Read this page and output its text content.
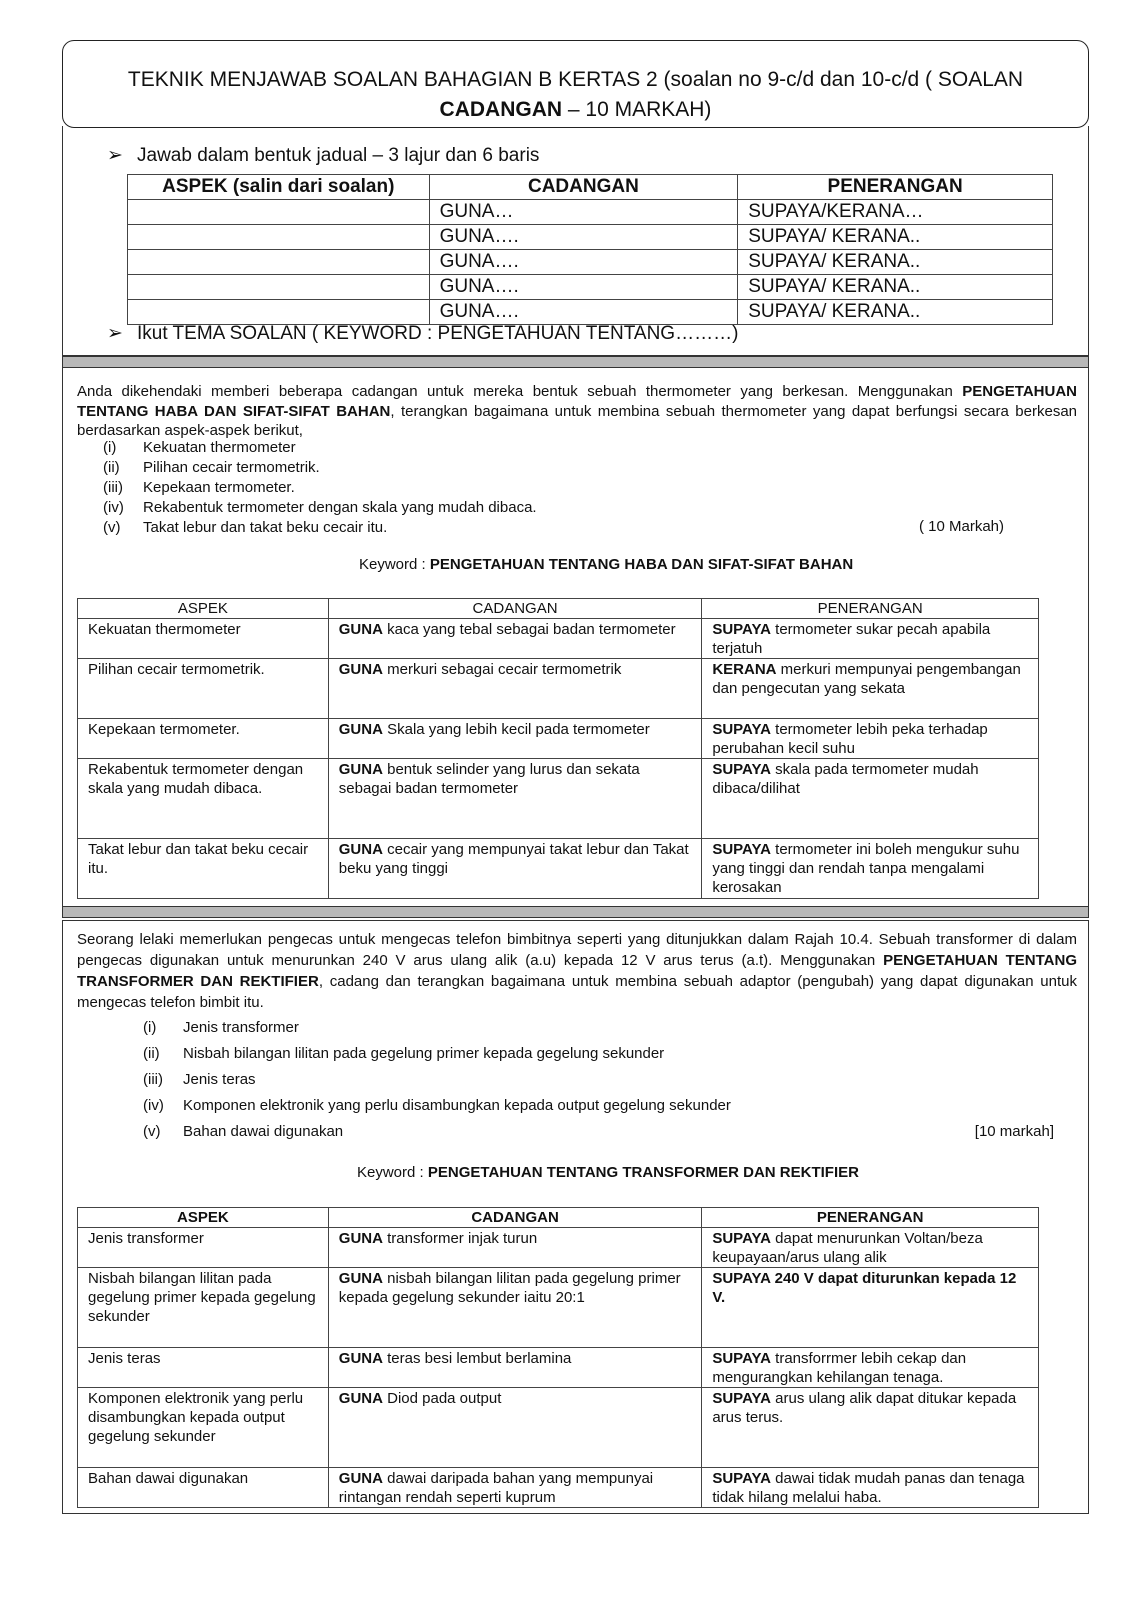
TEKNIK MENJAWAB SOALAN BAHAGIAN B KERTAS 2 (soalan no 9-c/d dan 10-c/d ( SOALAN
CADANGAN – 10 MARKAH)
➢ Jawab dalam bentuk jadual – 3 lajur dan 6 baris
ASPEK (salin dari soalan)	CADANGAN	PENERANGAN
	GUNA…	SUPAYA/KERANA…
	GUNA….	SUPAYA/ KERANA..
	GUNA….	SUPAYA/ KERANA..
	GUNA….	SUPAYA/ KERANA..
	GUNA….	SUPAYA/ KERANA..
➢ Ikut TEMA SOALAN ( KEYWORD : PENGETAHUAN TENTANG………)
Anda dikehendaki memberi beberapa cadangan untuk mereka bentuk sebuah thermometer yang berkesan. Menggunakan PENGETAHUAN TENTANG HABA DAN SIFAT-SIFAT BAHAN, terangkan bagaimana untuk membina sebuah thermometer yang dapat berfungsi secara berkesan berdasarkan aspek-aspek berikut,
(i) Kekuatan thermometer
(ii) Pilihan cecair termometrik.
(iii) Kepekaan termometer.
(iv) Rekabentuk termometer dengan skala yang mudah dibaca.
(v) Takat lebur dan takat beku cecair itu.	( 10 Markah)
Keyword : PENGETAHUAN TENTANG HABA DAN SIFAT-SIFAT BAHAN
ASPEK	CADANGAN	PENERANGAN
Kekuatan thermometer	GUNA kaca yang tebal sebagai badan termometer	SUPAYA termometer sukar pecah apabila terjatuh
Pilihan cecair termometrik.	GUNA merkuri sebagai cecair termometrik	KERANA merkuri mempunyai pengembangan dan pengecutan yang sekata
Kepekaan termometer.	GUNA Skala yang lebih kecil pada termometer	SUPAYA termometer lebih peka terhadap perubahan kecil suhu
Rekabentuk termometer dengan skala yang mudah dibaca.	GUNA bentuk selinder yang lurus dan sekata sebagai badan termometer	SUPAYA skala pada termometer mudah dibaca/dilihat
Takat lebur dan takat beku cecair itu.	GUNA cecair yang mempunyai takat lebur dan Takat beku yang tinggi	SUPAYA termometer ini boleh mengukur suhu yang tinggi dan rendah tanpa mengalami kerosakan
Seorang lelaki memerlukan pengecas untuk mengecas telefon bimbitnya seperti yang ditunjukkan dalam Rajah 10.4. Sebuah transformer di dalam pengecas digunakan untuk menurunkan 240 V arus ulang alik (a.u) kepada 12 V arus terus (a.t). Menggunakan PENGETAHUAN TENTANG TRANSFORMER DAN REKTIFIER, cadang dan terangkan bagaimana untuk membina sebuah adaptor (pengubah) yang dapat digunakan untuk mengecas telefon bimbit itu.
(i) Jenis transformer
(ii) Nisbah bilangan lilitan pada gegelung primer kepada gegelung sekunder
(iii) Jenis teras
(iv) Komponen elektronik yang perlu disambungkan kepada output gegelung sekunder
(v) Bahan dawai digunakan	[10 markah]
Keyword : PENGETAHUAN TENTANG TRANSFORMER DAN REKTIFIER
ASPEK	CADANGAN	PENERANGAN
Jenis transformer	GUNA transformer injak turun	SUPAYA dapat menurunkan Voltan/beza keupayaan/arus ulang alik
Nisbah bilangan lilitan pada gegelung primer kepada gegelung sekunder	GUNA nisbah bilangan lilitan pada gegelung primer kepada gegelung sekunder iaitu 20:1	SUPAYA 240 V dapat diturunkan kepada 12 V.
Jenis teras	GUNA teras besi lembut berlamina	SUPAYA transforrmer lebih cekap dan mengurangkan kehilangan tenaga.
Komponen elektronik yang perlu disambungkan kepada output gegelung sekunder	GUNA Diod pada output	SUPAYA arus ulang alik dapat ditukar kepada arus terus.
Bahan dawai digunakan	GUNA dawai daripada bahan yang mempunyai rintangan rendah seperti kuprum	SUPAYA dawai tidak mudah panas dan tenaga tidak hilang melalui haba.
